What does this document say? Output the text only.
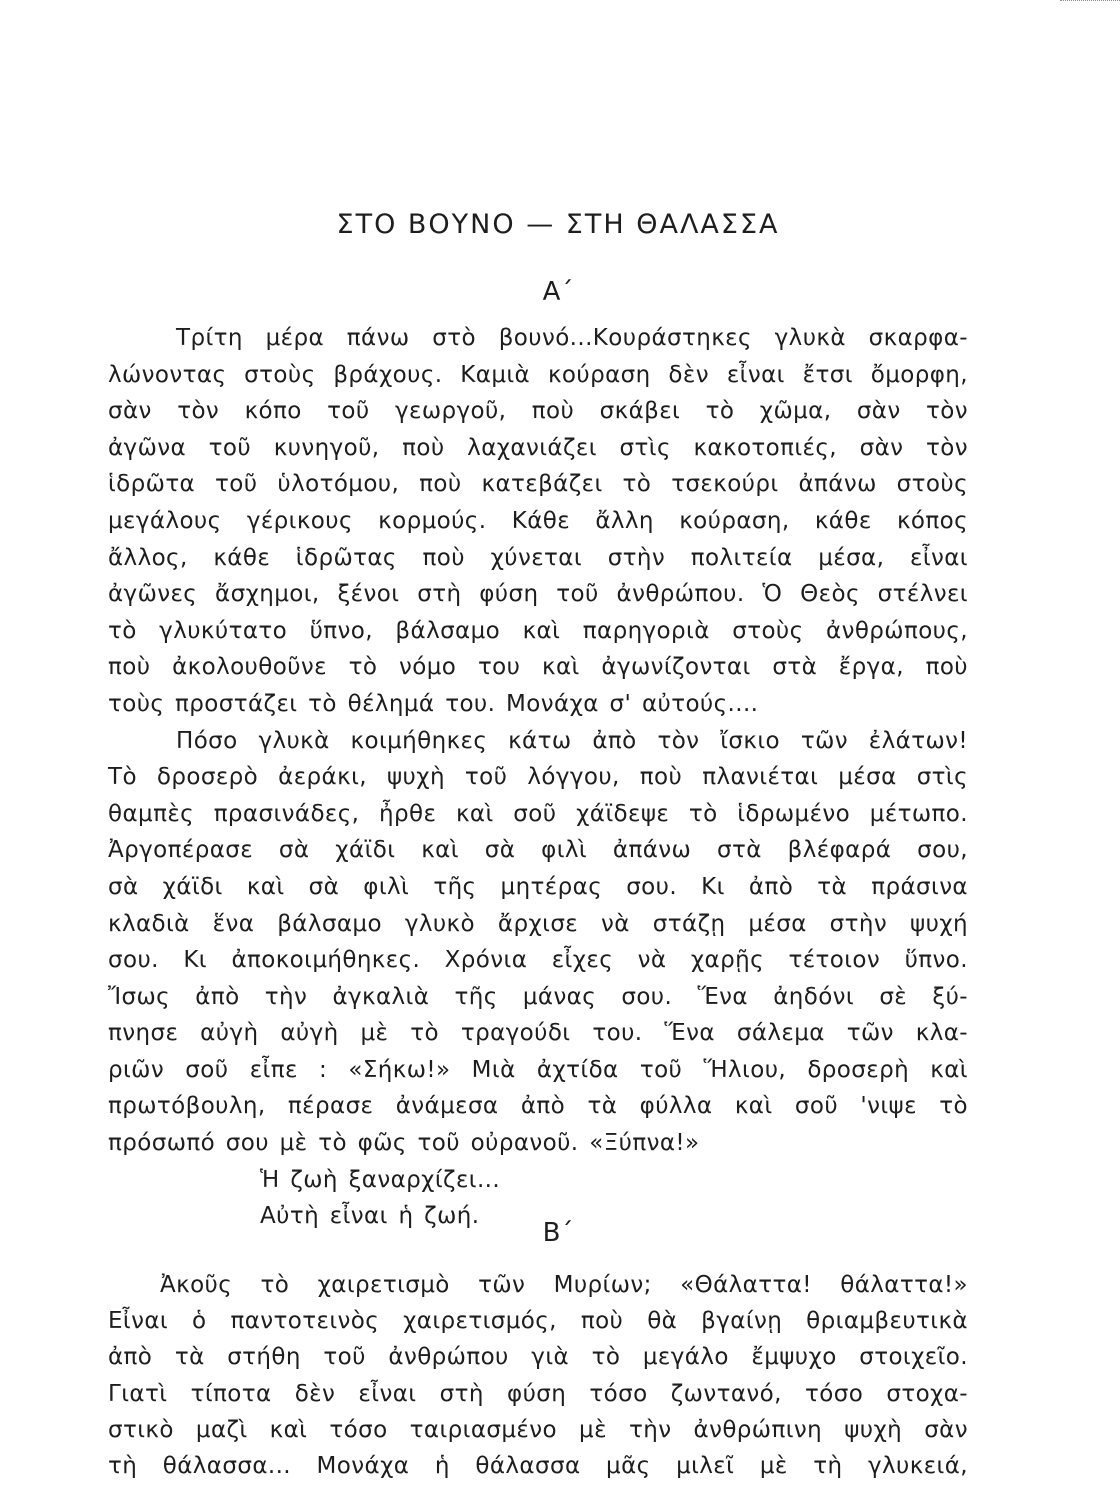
ΣΤΟ ΒΟΥΝΟ — ΣΤΗ ΘΑΛΑΣΣΑ
Α΄
Τρίτη μέρα πάνω στὸ βουνό...Κουράστηκες γλυκὰ σκαρφα-
λώνοντας στοὺς βράχους. Καμιὰ κούραση δὲν εἶναι ἔτσι ὄμορφη,
σὰν τὸν κόπο τοῦ γεωργοῦ, ποὺ σκάβει τὸ χῶμα, σὰν τὸν
ἀγῶνα τοῦ κυνηγοῦ, ποὺ λαχανιάζει στὶς κακοτοπιές, σὰν τὸν
ἱδρῶτα τοῦ ὑλοτόμου, ποὺ κατεβάζει τὸ τσεκούρι ἀπάνω στοὺς
μεγάλους γέρικους κορμούς. Κάθε ἄλλη κούραση, κάθε κόπος
ἄλλος, κάθε ἱδρῶτας ποὺ χύνεται στὴν πολιτεία μέσα, εἶναι
ἀγῶνες ἄσχημοι, ξένοι στὴ φύση τοῦ ἀνθρώπου. Ὁ Θεὸς στέλνει
τὸ γλυκύτατο ὕπνο, βάλσαμο καὶ παρηγοριὰ στοὺς ἀνθρώπους,
ποὺ ἀκολουθοῦνε τὸ νόμο του καὶ ἀγωνίζονται στὰ ἔργα, ποὺ
τοὺς προστάζει τὸ θέλημά του. Μονάχα σ' αὐτούς....
Πόσο γλυκὰ κοιμήθηκες κάτω ἀπὸ τὸν ἴσκιο τῶν ἐλάτων!
Τὸ δροσερὸ ἀεράκι, ψυχὴ τοῦ λόγγου, ποὺ πλανιέται μέσα στὶς
θαμπὲς πρασινάδες, ἦρθε καὶ σοῦ χάϊδεψε τὸ ἱδρωμένο μέτωπο.
Ἀργοπέρασε σὰ χάϊδι καὶ σὰ φιλὶ ἀπάνω στὰ βλέφαρά σου,
σὰ χάϊδι καὶ σὰ φιλὶ τῆς μητέρας σου. Κι ἀπὸ τὰ πράσινα
κλαδιὰ ἕνα βάλσαμο γλυκὸ ἄρχισε νὰ στάζῃ μέσα στὴν ψυχή
σου. Κι ἀποκοιμήθηκες. Χρόνια εἶχες νὰ χαρῇς τέτοιον ὕπνο.
Ἴσως ἀπὸ τὴν ἀγκαλιὰ τῆς μάνας σου. Ἕνα ἀηδόνι σὲ ξύ-
πνησε αὐγὴ αὐγὴ μὲ τὸ τραγούδι του. Ἕνα σάλεμα τῶν κλα-
ριῶν σοῦ εἶπε : «Σήκω!» Μιὰ ἀχτίδα τοῦ Ἥλιου, δροσερὴ καὶ
πρωτόβουλη, πέρασε ἀνάμεσα ἀπὸ τὰ φύλλα καὶ σοῦ 'νιψε τὸ
πρόσωπό σου μὲ τὸ φῶς τοῦ οὐρανοῦ. «Ξύπνα!»
Ἡ ζωὴ ξαναρχίζει...
Αὐτὴ εἶναι ἡ ζωή.
Β΄
Ἀκοῦς τὸ χαιρετισμὸ τῶν Μυρίων; «Θάλαττα! θάλαττα!»
Εἶναι ὁ παντοτεινὸς χαιρετισμός, ποὺ θὰ βγαίνῃ θριαμβευτικὰ
ἀπὸ τὰ στήθη τοῦ ἀνθρώπου γιὰ τὸ μεγάλο ἔμψυχο στοιχεῖο.
Γιατὶ τίποτα δὲν εἶναι στὴ φύση τόσο ζωντανό, τόσο στοχα-
στικὸ μαζὶ καὶ τόσο ταιριασμένο μὲ τὴν ἀνθρώπινη ψυχὴ σὰν
τὴ θάλασσα... Μονάχα ἡ θάλασσα μᾶς μιλεῖ μὲ τὴ γλυκειά,
